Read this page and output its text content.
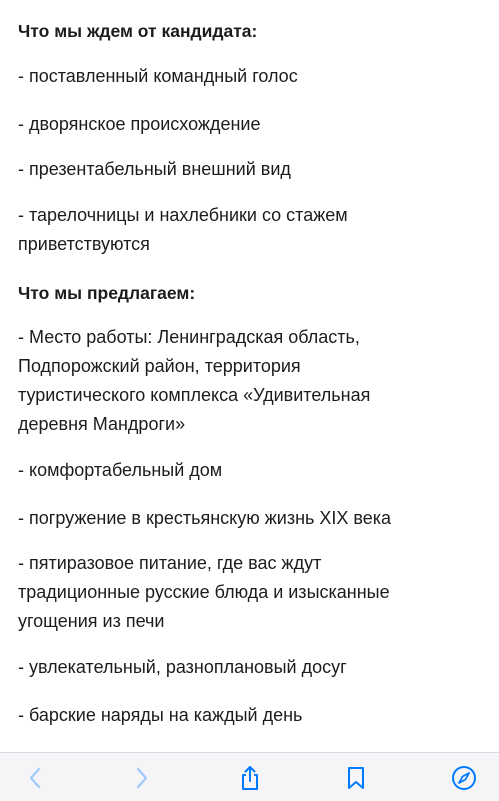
Что мы ждем от кандидата:
- поставленный командный голос
- дворянское происхождение
- презентабельный внешний вид
- тарелочницы и нахлебники со стажем
приветствуются
Что мы предлагаем:
- Место работы: Ленинградская область,
Подпорожский район, территория
туристического комплекса «Удивительная
деревня Мандроги»
- комфортабельный дом
- погружение в крестьянскую жизнь XIX века
- пятиразовое питание, где вас ждут
традиционные русские блюда и изысканные
угощения из печи
- увлекательный, разноплановый досуг
- барские наряды на каждый день
